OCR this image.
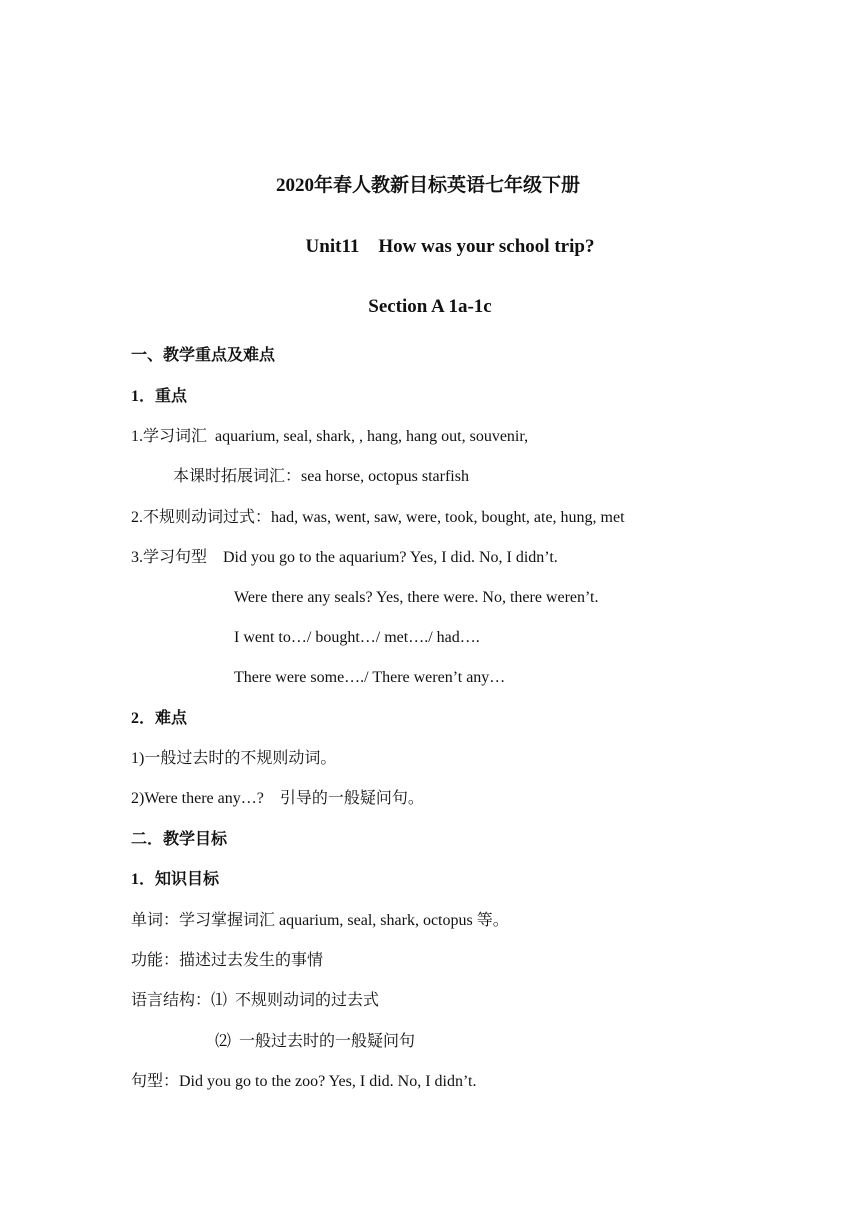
2020年春人教新目标英语七年级下册
Unit11    How was your school trip?
Section A 1a-1c
一、教学重点及难点
1．重点
1.学习词汇  aquarium, seal, shark, , hang, hang out, souvenir,
本课时拓展词汇：sea horse, octopus starfish
2.不规则动词过式：had, was, went, saw, were, took, bought, ate, hung, met
3.学习句型    Did you go to the aquarium? Yes, I did. No, I didn’t.
Were there any seals? Yes, there were. No, there weren’t.
I went to…/ bought…/ met…./ had….
There were some…./ There weren’t any…
2．难点
1)一般过去时的不规则动词。
2)Were there any…?    引导的一般疑问句。
二．教学目标
1．知识目标
单词：学习掌握词汇 aquarium, seal, shark, octopus 等。
功能：描述过去发生的事情
语言结构：⑴  不规则动词的过去式
⑵  一般过去时的一般疑问句
句型：Did you go to the zoo? Yes, I did. No, I didn’t.
